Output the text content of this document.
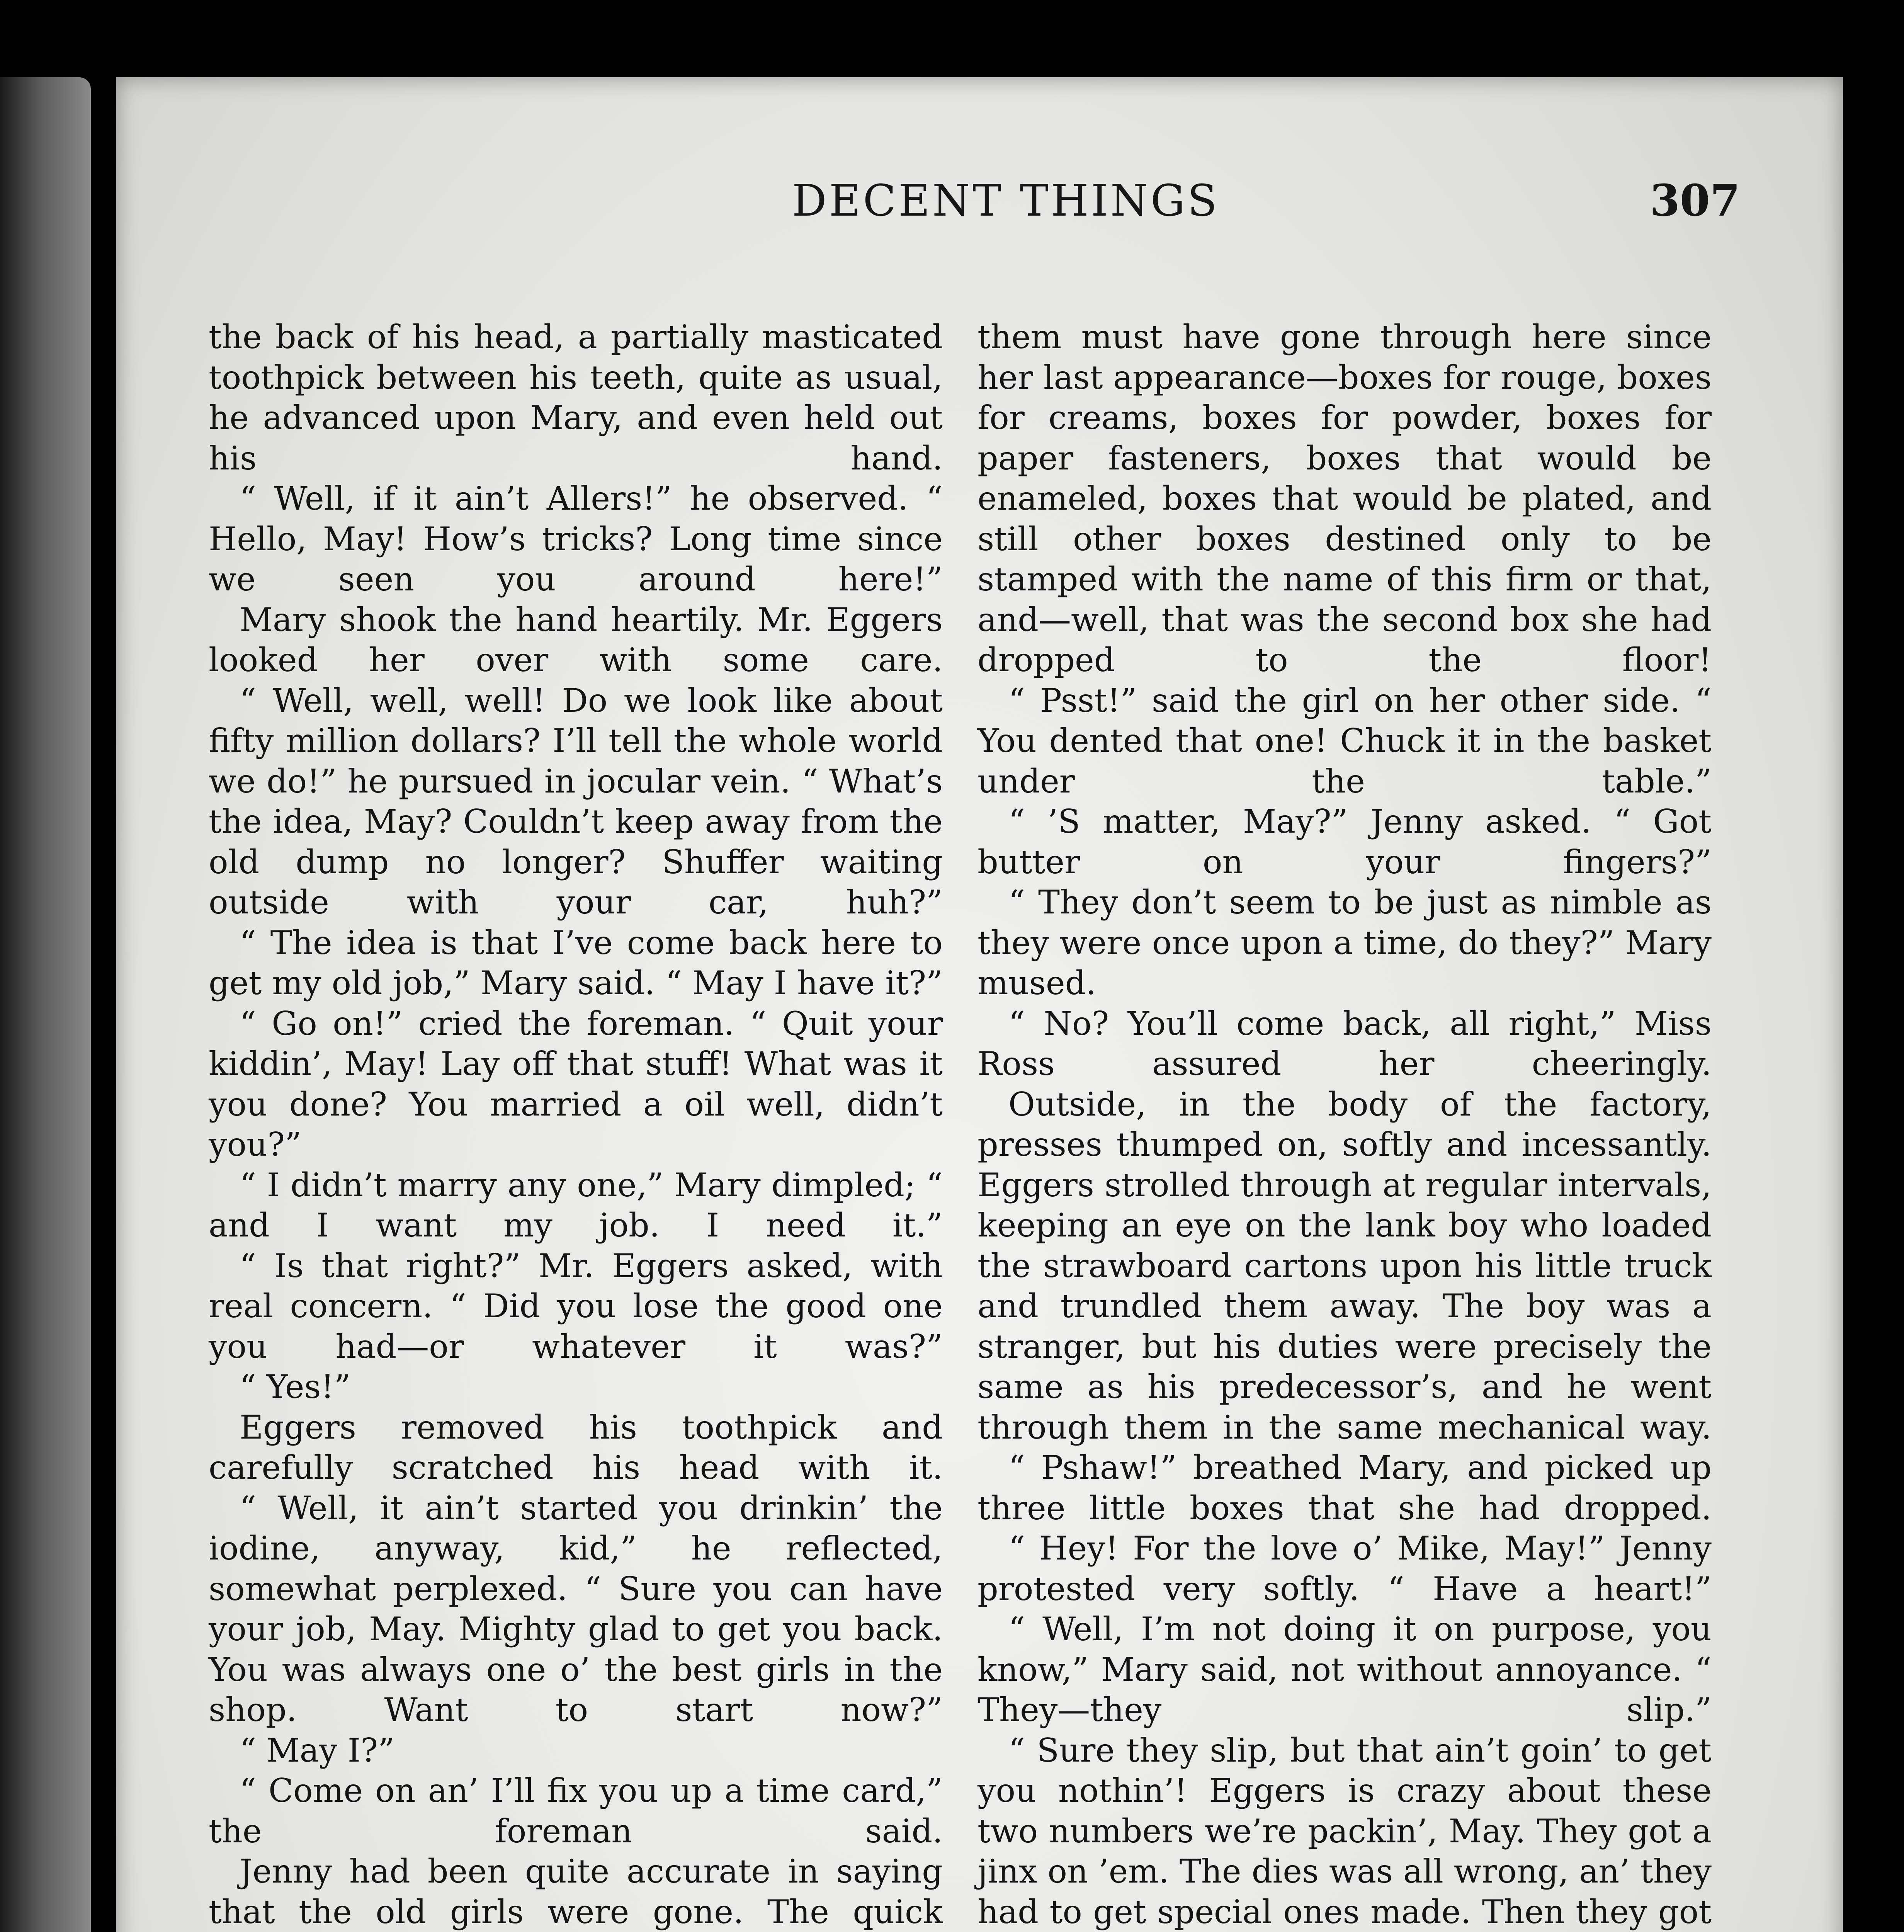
DECENT THINGS	307

the back of his head, a partially masticated toothpick between his teeth, quite as usual, he advanced upon Mary, and even held out his hand.

“ Well, if it ain’t Allers!” he observed. “ Hello, May! How’s tricks? Long time since we seen you around here!”

Mary shook the hand heartily. Mr. Eggers looked her over with some care.

“ Well, well, well! Do we look like about fifty million dollars? I’ll tell the whole world we do!” he pursued in jocular vein. “ What’s the idea, May? Couldn’t keep away from the old dump no longer? Shuffer waiting outside with your car, huh?”

“ The idea is that I’ve come back here to get my old job,” Mary said. “ May I have it?”

“ Go on!” cried the foreman. “ Quit your kiddin’, May! Lay off that stuff! What was it you done? You married a oil well, didn’t you?”

“ I didn’t marry any one,” Mary dimpled; “ and I want my job. I need it.”

“ Is that right?” Mr. Eggers asked, with real concern. “ Did you lose the good one you had—or whatever it was?”

“ Yes!”

Eggers removed his toothpick and carefully scratched his head with it.

“ Well, it ain’t started you drinkin’ the iodine, anyway, kid,” he reflected, somewhat perplexed. “ Sure you can have your job, May. Mighty glad to get you back. You was always one o’ the best girls in the shop. Want to start now?”

“ May I?”

“ Come on an’ I’ll fix you up a time card,” the foreman said.

Jenny had been quite accurate in saying that the old girls were gone. The quick

them must have gone through here since her last appearance—boxes for rouge, boxes for creams, boxes for powder, boxes for paper fasteners, boxes that would be enameled, boxes that would be plated, and still other boxes destined only to be stamped with the name of this firm or that, and—well, that was the second box she had dropped to the floor!

“ Psst!” said the girl on her other side. “ You dented that one! Chuck it in the basket under the table.”

“ ’S matter, May?” Jenny asked. “ Got butter on your fingers?”

“ They don’t seem to be just as nimble as they were once upon a time, do they?” Mary mused.

“ No? You’ll come back, all right,” Miss Ross assured her cheeringly.

Outside, in the body of the factory, presses thumped on, softly and incessantly. Eggers strolled through at regular intervals, keeping an eye on the lank boy who loaded the strawboard cartons upon his little truck and trundled them away. The boy was a stranger, but his duties were precisely the same as his predecessor’s, and he went through them in the same mechanical way.

“ Pshaw!” breathed Mary, and picked up three little boxes that she had dropped.

“ Hey! For the love o’ Mike, May!” Jenny protested very softly. “ Have a heart!”

“ Well, I’m not doing it on purpose, you know,” Mary said, not without annoyance. “ They—they slip.”

“ Sure they slip, but that ain’t goin’ to get you nothin’! Eggers is crazy about these two numbers we’re packin’, May. They got a jinx on ’em. The dies was all wrong, an’ they had to get special ones made. Then they got
